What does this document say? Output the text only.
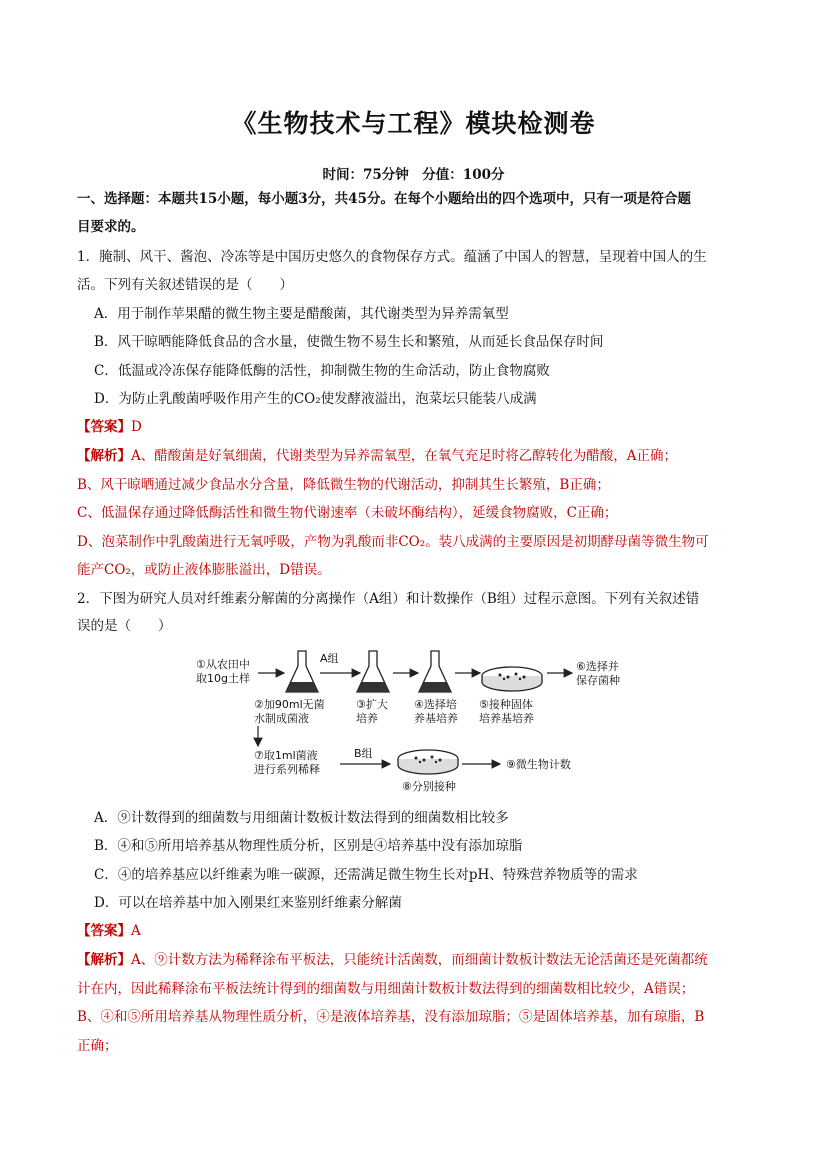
《生物技术与工程》模块检测卷
时间：75分钟　分值：100分
一、选择题：本题共15小题，每小题3分，共45分。在每个小题给出的四个选项中，只有一项是符合题
目要求的。
1．腌制、风干、酱泡、冷冻等是中国历史悠久的食物保存方式。蕴涵了中国人的智慧，呈现着中国人的生
活。下列有关叙述错误的是（　　）
A．用于制作苹果醋的微生物主要是醋酸菌，其代谢类型为异养需氧型
B．风干晾晒能降低食品的含水量，使微生物不易生长和繁殖，从而延长食品保存时间
C．低温或冷冻保存能降低酶的活性，抑制微生物的生命活动，防止食物腐败
D．为防止乳酸菌呼吸作用产生的CO₂使发酵液溢出，泡菜坛只能装八成满
【答案】D
【解析】A、醋酸菌是好氧细菌，代谢类型为异养需氧型，在氧气充足时将乙醇转化为醋酸，A正确；
B、风干晾晒通过减少食品水分含量，降低微生物的代谢活动，抑制其生长繁殖，B正确；
C、低温保存通过降低酶活性和微生物代谢速率（未破坏酶结构），延缓食物腐败，C正确；
D、泡菜制作中乳酸菌进行无氧呼吸，产物为乳酸而非CO₂。装八成满的主要原因是初期酵母菌等微生物可
能产CO₂，或防止液体膨胀溢出，D错误。
2．下图为研究人员对纤维素分解菌的分离操作（A组）和计数操作（B组）过程示意图。下列有关叙述错
误的是（　　）
①从农田中
取10g土样
A组
⑥选择并
保存菌种
②加90ml无菌
水制成菌液
③扩大
培养
④选择培
养基培养
⑤接种固体
培养基培养
⑦取1ml菌液
进行系列稀释
B组
⑨微生物计数
⑧分别接种
A．⑨计数得到的细菌数与用细菌计数板计数法得到的细菌数相比较多
B．④和⑤所用培养基从物理性质分析，区别是④培养基中没有添加琼脂
C．④的培养基应以纤维素为唯一碳源，还需满足微生物生长对pH、特殊营养物质等的需求
D．可以在培养基中加入刚果红来鉴别纤维素分解菌
【答案】A
【解析】A、⑨计数方法为稀释涂布平板法，只能统计活菌数，而细菌计数板计数法无论活菌还是死菌都统
计在内，因此稀释涂布平板法统计得到的细菌数与用细菌计数板计数法得到的细菌数相比较少，A错误；
B、④和⑤所用培养基从物理性质分析，④是液体培养基，没有添加琼脂；⑤是固体培养基，加有琼脂，B
正确；
